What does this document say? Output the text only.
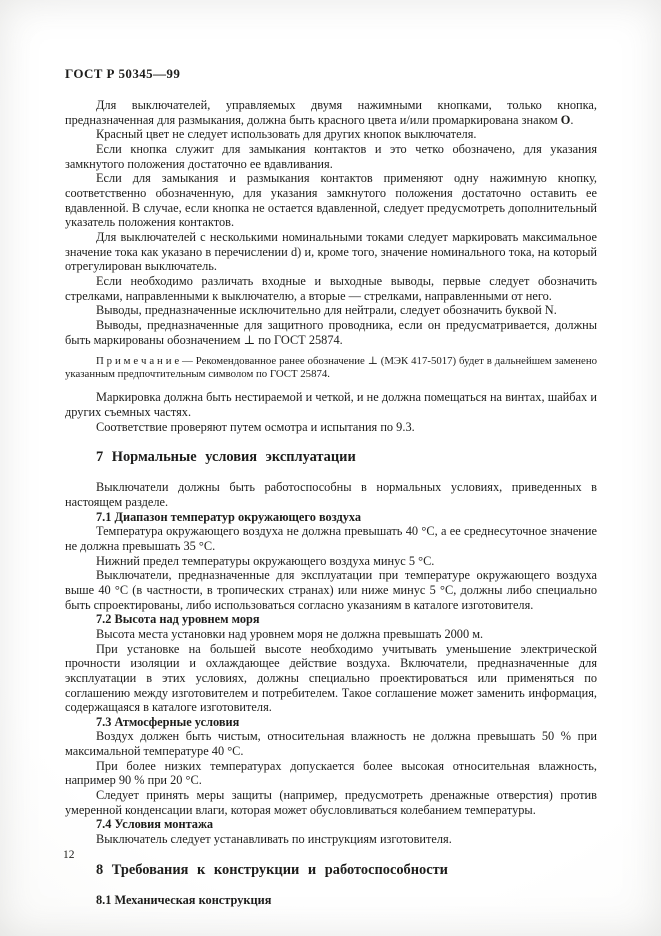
ГОСТ Р 50345—99

Для выключателей, управляемых двумя нажимными кнопками, только кнопка, предназначенная для размыкания, должна быть красного цвета и/или промаркирована знаком О.

Красный цвет не следует использовать для других кнопок выключателя.

Если кнопка служит для замыкания контактов и это четко обозначено, для указания замкнутого положения достаточно ее вдавливания.

Если для замыкания и размыкания контактов применяют одну нажимную кнопку, соответственно обозначенную, для указания замкнутого положения достаточно оставить ее вдавленной. В случае, если кнопка не остается вдавленной, следует предусмотреть дополнительный указатель положения контактов.

Для выключателей с несколькими номинальными токами следует маркировать максимальное значение тока как указано в перечислении d) и, кроме того, значение номинального тока, на который отрегулирован выключатель.

Если необходимо различать входные и выходные выводы, первые следует обозначить стрелками, направленными к выключателю, а вторые — стрелками, направленными от него.

Выводы, предназначенные исключительно для нейтрали, следует обозначить буквой N.

Выводы, предназначенные для защитного проводника, если он предусматривается, должны быть маркированы обозначением ⊥ по ГОСТ 25874.

П р и м е ч а н и е — Рекомендованное ранее обозначение ⊥ (МЭК 417-5017) будет в дальнейшем заменено указанным предпочтительным символом по ГОСТ 25874.

Маркировка должна быть нестираемой и четкой, и не должна помещаться на винтах, шайбах и других съемных частях.

Соответствие проверяют путем осмотра и испытания по 9.3.

7 Нормальные условия эксплуатации

Выключатели должны быть работоспособны в нормальных условиях, приведенных в настоящем разделе.

7.1 Диапазон температур окружающего воздуха

Температура окружающего воздуха не должна превышать 40 °С, а ее среднесуточное значение не должна превышать 35 °С.

Нижний предел температуры окружающего воздуха минус 5 °С.

Выключатели, предназначенные для эксплуатации при температуре окружающего воздуха выше 40 °С (в частности, в тропических странах) или ниже минус 5 °С, должны либо специально быть спроектированы, либо использоваться согласно указаниям в каталоге изготовителя.

7.2 Высота над уровнем моря

Высота места установки над уровнем моря не должна превышать 2000 м.

При установке на большей высоте необходимо учитывать уменьшение электрической прочности изоляции и охлаждающее действие воздуха. Включатели, предназначенные для эксплуатации в этих условиях, должны специально проектироваться или применяться по соглашению между изготовителем и потребителем. Такое соглашение может заменить информация, содержащаяся в каталоге изготовителя.

7.3 Атмосферные условия

Воздух должен быть чистым, относительная влажность не должна превышать 50 % при максимальной температуре 40 °С.

При более низких температурах допускается более высокая относительная влажность, например 90 % при 20 °С.

Следует принять меры защиты (например, предусмотреть дренажные отверстия) против умеренной конденсации влаги, которая может обусловливаться колебанием температуры.

7.4 Условия монтажа

Выключатель следует устанавливать по инструкциям изготовителя.

8 Требования к конструкции и работоспособности

8.1 Механическая конструкция

12
